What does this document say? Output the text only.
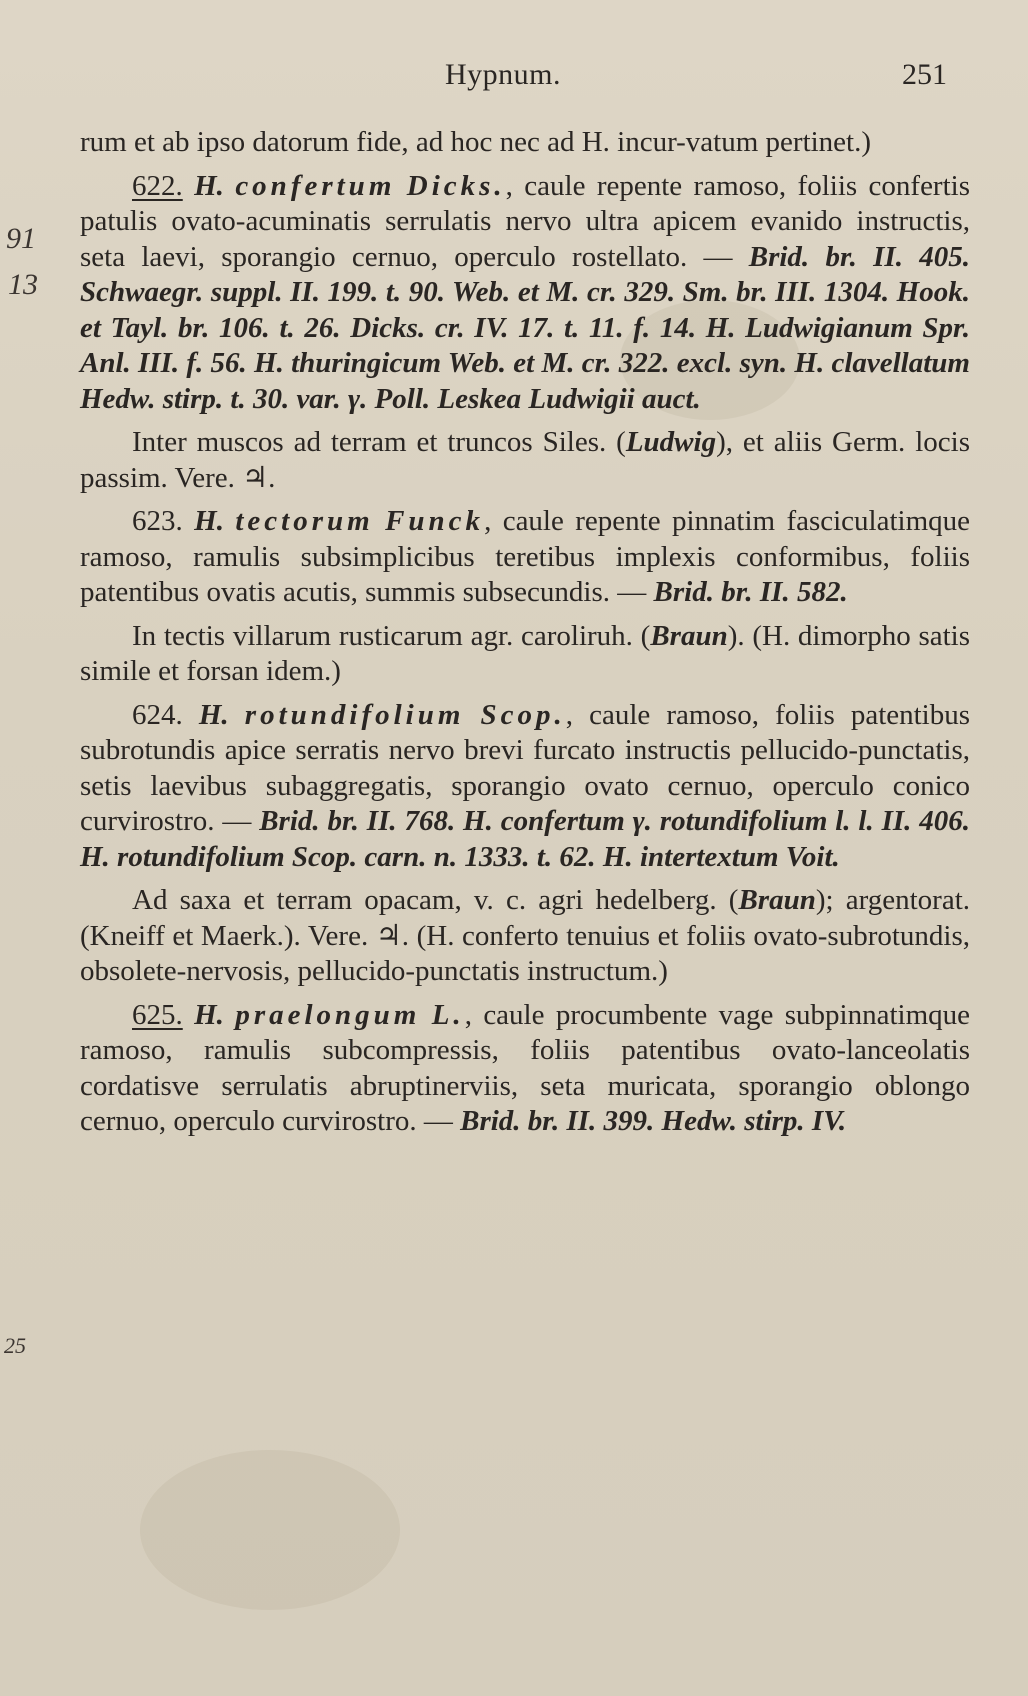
Hypnum.	251
91
13
25

rum et ab ipso datorum fide, ad hoc nec ad H. incur-vatum pertinet.)

622. H. confertum Dicks., caule repente ramoso, foliis confertis patulis ovato-acuminatis serrulatis nervo ultra apicem evanido instructis, seta laevi, sporangio cernuo, operculo rostellato. — Brid. br. II. 405. Schwaegr. suppl. II. 199. t. 90. Web. et M. cr. 329. Sm. br. III. 1304. Hook. et Tayl. br. 106. t. 26. Dicks. cr. IV. 17. t. 11. f. 14. H. Ludwigianum Spr. Anl. III. f. 56. H. thuringicum Web. et M. cr. 322. excl. syn. H. clavellatum Hedw. stirp. t. 30. var. γ. Poll. Leskea Ludwigii auct.

Inter muscos ad terram et truncos Siles. (Ludwig), et aliis Germ. locis passim. Vere. ♃.

623. H. tectorum Funck, caule repente pinnatim fasciculatimque ramoso, ramulis subsimplicibus teretibus implexis conformibus, foliis patentibus ovatis acutis, summis subsecundis. — Brid. br. II. 582.

In tectis villarum rusticarum agr. caroliruh. (Braun). (H. dimorpho satis simile et forsan idem.)

624. H. rotundifolium Scop., caule ramoso, foliis patentibus subrotundis apice serratis nervo brevi furcato instructis pellucido-punctatis, setis laevibus subaggregatis, sporangio ovato cernuo, operculo conico curvirostro. — Brid. br. II. 768. H. confertum γ. rotundifolium l. l. II. 406. H. rotundifolium Scop. carn. n. 1333. t. 62. H. intertextum Voit.

Ad saxa et terram opacam, v. c. agri hedelberg. (Braun); argentorat. (Kneiff et Maerk.). Vere. ♃. (H. conferto tenuius et foliis ovato-subrotundis, obsolete-nervosis, pellucido-punctatis instructum.)

625. H. praelongum L., caule procumbente vage subpinnatimque ramoso, ramulis subcompressis, foliis patentibus ovato-lanceolatis cordatisve serrulatis abruptinerviis, seta muricata, sporangio oblongo cernuo, operculo curvirostro. — Brid. br. II. 399. Hedw. stirp. IV.
